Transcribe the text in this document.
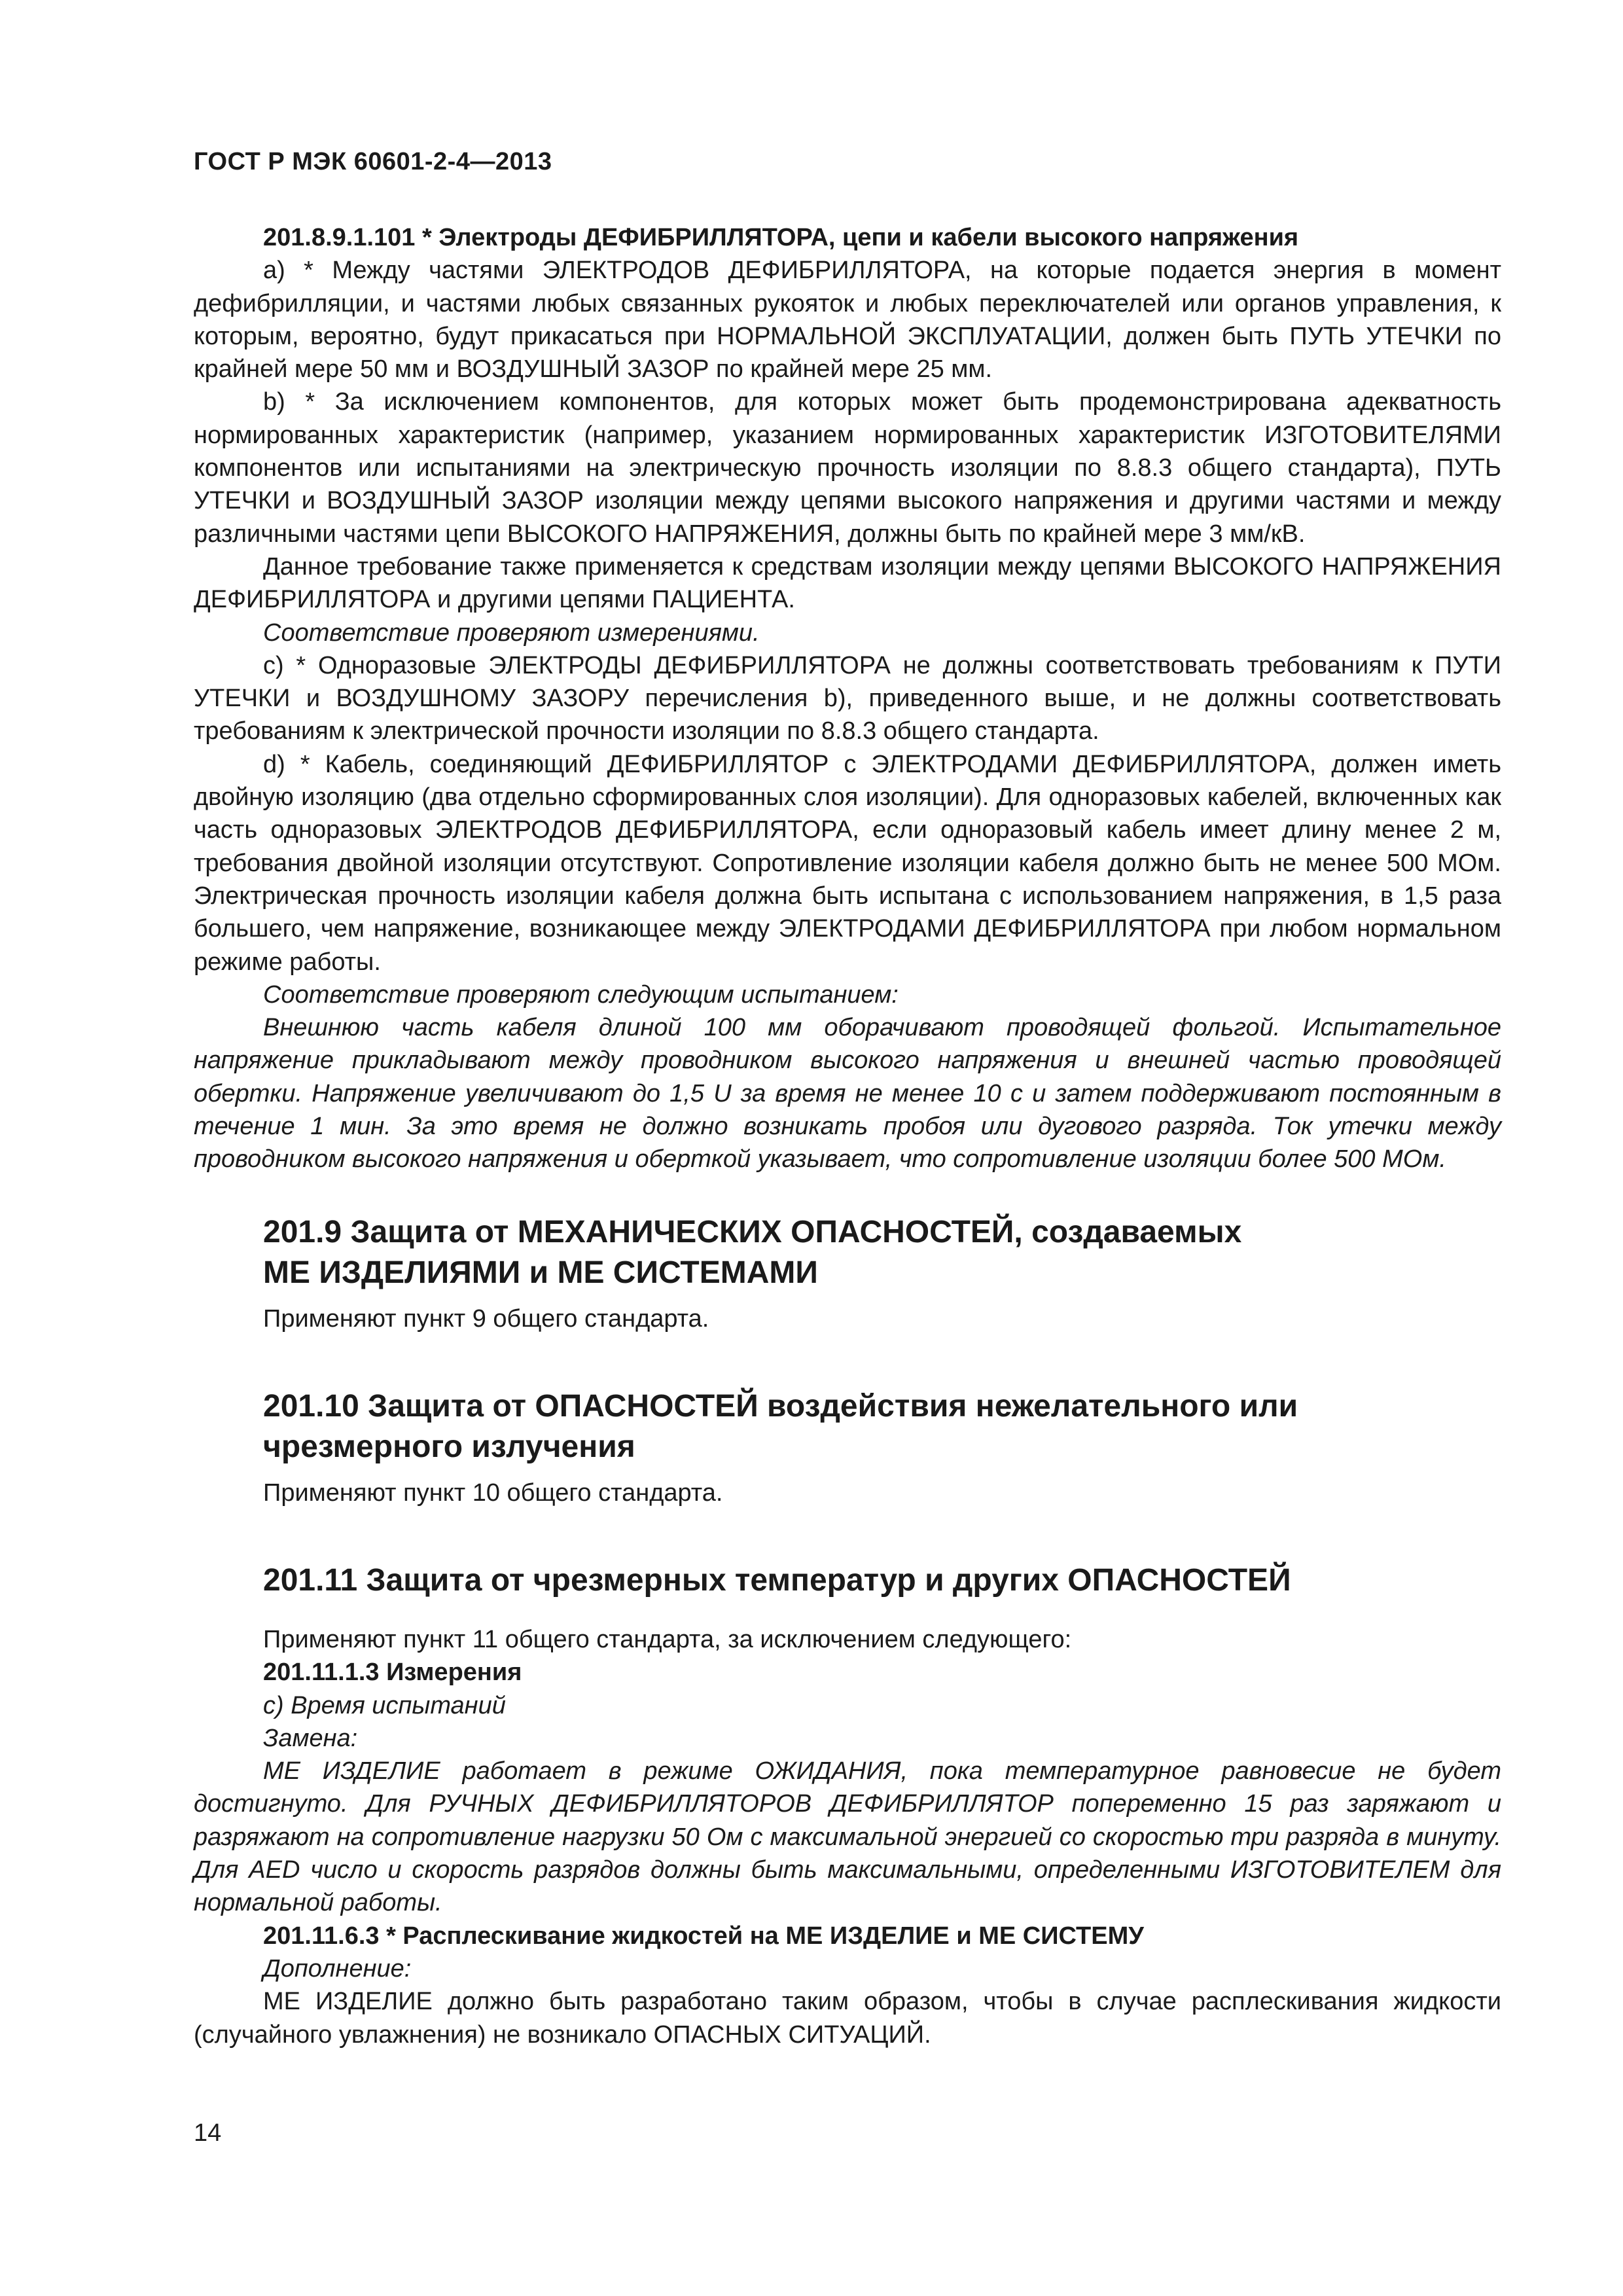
ГОСТ Р МЭК 60601-2-4—2013

201.8.9.1.101 * Электроды ДЕФИБРИЛЛЯТОРА, цепи и кабели высокого напряжения

а) * Между частями ЭЛЕКТРОДОВ ДЕФИБРИЛЛЯТОРА, на которые подается энергия в момент дефибрилляции, и частями любых связанных рукояток и любых переключателей или органов управления, к которым, вероятно, будут прикасаться при НОРМАЛЬНОЙ ЭКСПЛУАТАЦИИ, должен быть ПУТЬ УТЕЧКИ по крайней мере 50 мм и ВОЗДУШНЫЙ ЗАЗОР по крайней мере 25 мм.

b) * За исключением компонентов, для которых может быть продемонстрирована адекватность нормированных характеристик (например, указанием нормированных характеристик ИЗГОТОВИТЕЛЯМИ компонентов или испытаниями на электрическую прочность изоляции по 8.8.3 общего стандарта), ПУТЬ УТЕЧКИ и ВОЗДУШНЫЙ ЗАЗОР изоляции между цепями высокого напряжения и другими частями и между различными частями цепи ВЫСОКОГО НАПРЯЖЕНИЯ, должны быть по крайней мере 3 мм/кВ.

Данное требование также применяется к средствам изоляции между цепями ВЫСОКОГО НАПРЯЖЕНИЯ ДЕФИБРИЛЛЯТОРА и другими цепями ПАЦИЕНТА.

Соответствие проверяют измерениями.

с) * Одноразовые ЭЛЕКТРОДЫ ДЕФИБРИЛЛЯТОРА не должны соответствовать требованиям к ПУТИ УТЕЧКИ и ВОЗДУШНОМУ ЗАЗОРУ перечисления b), приведенного выше, и не должны соответствовать требованиям к электрической прочности изоляции по 8.8.3 общего стандарта.

d) * Кабель, соединяющий ДЕФИБРИЛЛЯТОР с ЭЛЕКТРОДАМИ ДЕФИБРИЛЛЯТОРА, должен иметь двойную изоляцию (два отдельно сформированных слоя изоляции). Для одноразовых кабелей, включенных как часть одноразовых ЭЛЕКТРОДОВ ДЕФИБРИЛЛЯТОРА, если одноразовый кабель имеет длину менее 2 м, требования двойной изоляции отсутствуют. Сопротивление изоляции кабеля должно быть не менее 500 МОм. Электрическая прочность изоляции кабеля должна быть испытана с использованием напряжения, в 1,5 раза большего, чем напряжение, возникающее между ЭЛЕКТРОДАМИ ДЕФИБРИЛЛЯТОРА при любом нормальном режиме работы.

Соответствие проверяют следующим испытанием:

Внешнюю часть кабеля длиной 100 мм оборачивают проводящей фольгой. Испытательное напряжение прикладывают между проводником высокого напряжения и внешней частью проводящей обертки. Напряжение увеличивают до 1,5 U за время не менее 10 с и затем поддерживают постоянным в течение 1 мин. За это время не должно возникать пробоя или дугового разряда. Ток утечки между проводником высокого напряжения и оберткой указывает, что сопротивление изоляции более 500 МОм.

201.9 Защита от МЕХАНИЧЕСКИХ ОПАСНОСТЕЙ, создаваемых
МЕ ИЗДЕЛИЯМИ и МЕ СИСТЕМАМИ

Применяют пункт 9 общего стандарта.

201.10 Защита от ОПАСНОСТЕЙ воздействия нежелательного или
чрезмерного излучения

Применяют пункт 10 общего стандарта.

201.11 Защита от чрезмерных температур и других ОПАСНОСТЕЙ

Применяют пункт 11 общего стандарта, за исключением следующего:

201.11.1.3 Измерения

с) Время испытаний

Замена:

МЕ ИЗДЕЛИЕ работает в режиме ОЖИДАНИЯ, пока температурное равновесие не будет достигнуто. Для РУЧНЫХ ДЕФИБРИЛЛЯТОРОВ ДЕФИБРИЛЛЯТОР попеременно 15 раз заряжают и разряжают на сопротивление нагрузки 50 Ом с максимальной энергией со скоростью три разряда в минуту. Для AED число и скорость разрядов должны быть максимальными, определенными ИЗГОТОВИТЕЛЕМ для нормальной работы.

201.11.6.3 * Расплескивание жидкостей на МЕ ИЗДЕЛИЕ и МЕ СИСТЕМУ

Дополнение:

МЕ ИЗДЕЛИЕ должно быть разработано таким образом, чтобы в случае расплескивания жидкости (случайного увлажнения) не возникало ОПАСНЫХ СИТУАЦИЙ.

14
